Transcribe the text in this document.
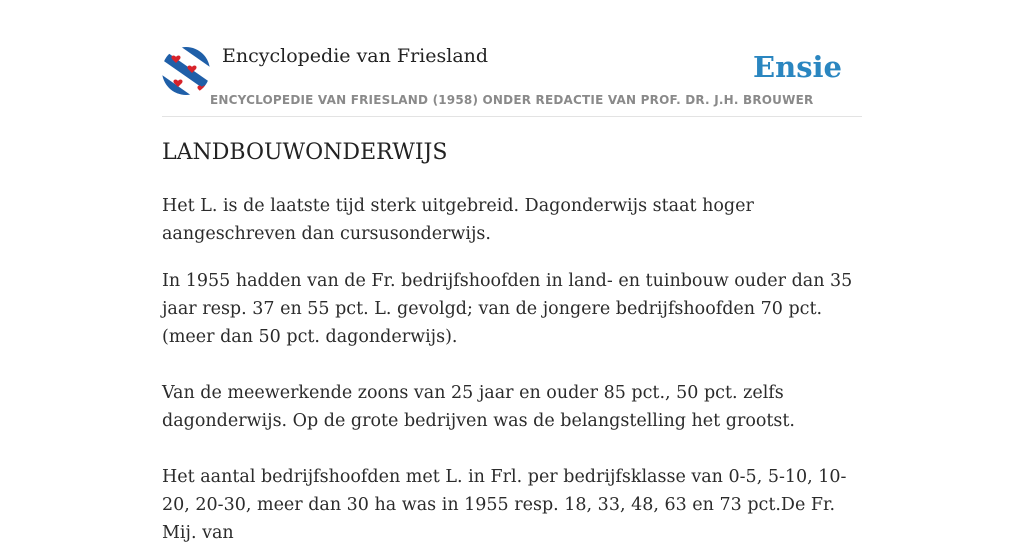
Encyclopedie van Friesland	Ensie
ENCYCLOPEDIE VAN FRIESLAND (1958) ONDER REDACTIE VAN PROF. DR. J.H. BROUWER
LANDBOUWONDERWIJS

Het L. is de laatste tijd sterk uitgebreid. Dagonderwijs staat hoger aangeschreven dan cursusonderwijs.

In 1955 hadden van de Fr. bedrijfshoofden in land- en tuinbouw ouder dan 35 jaar resp. 37 en 55 pct. L. gevolgd; van de jongere bedrijfshoofden 70 pct. (meer dan 50 pct. dagonderwijs).

Van de meewerkende zoons van 25 jaar en ouder 85 pct., 50 pct. zelfs dagonderwijs. Op de grote bedrijven was de belangstelling het grootst.

Het aantal bedrijfshoofden met L. in Frl. per bedrijfsklasse van 0-5, 5-10, 10-20, 20-30, meer dan 30 ha was in 1955 resp. 18, 33, 48, 63 en 73 pct.De Fr. Mij. van
